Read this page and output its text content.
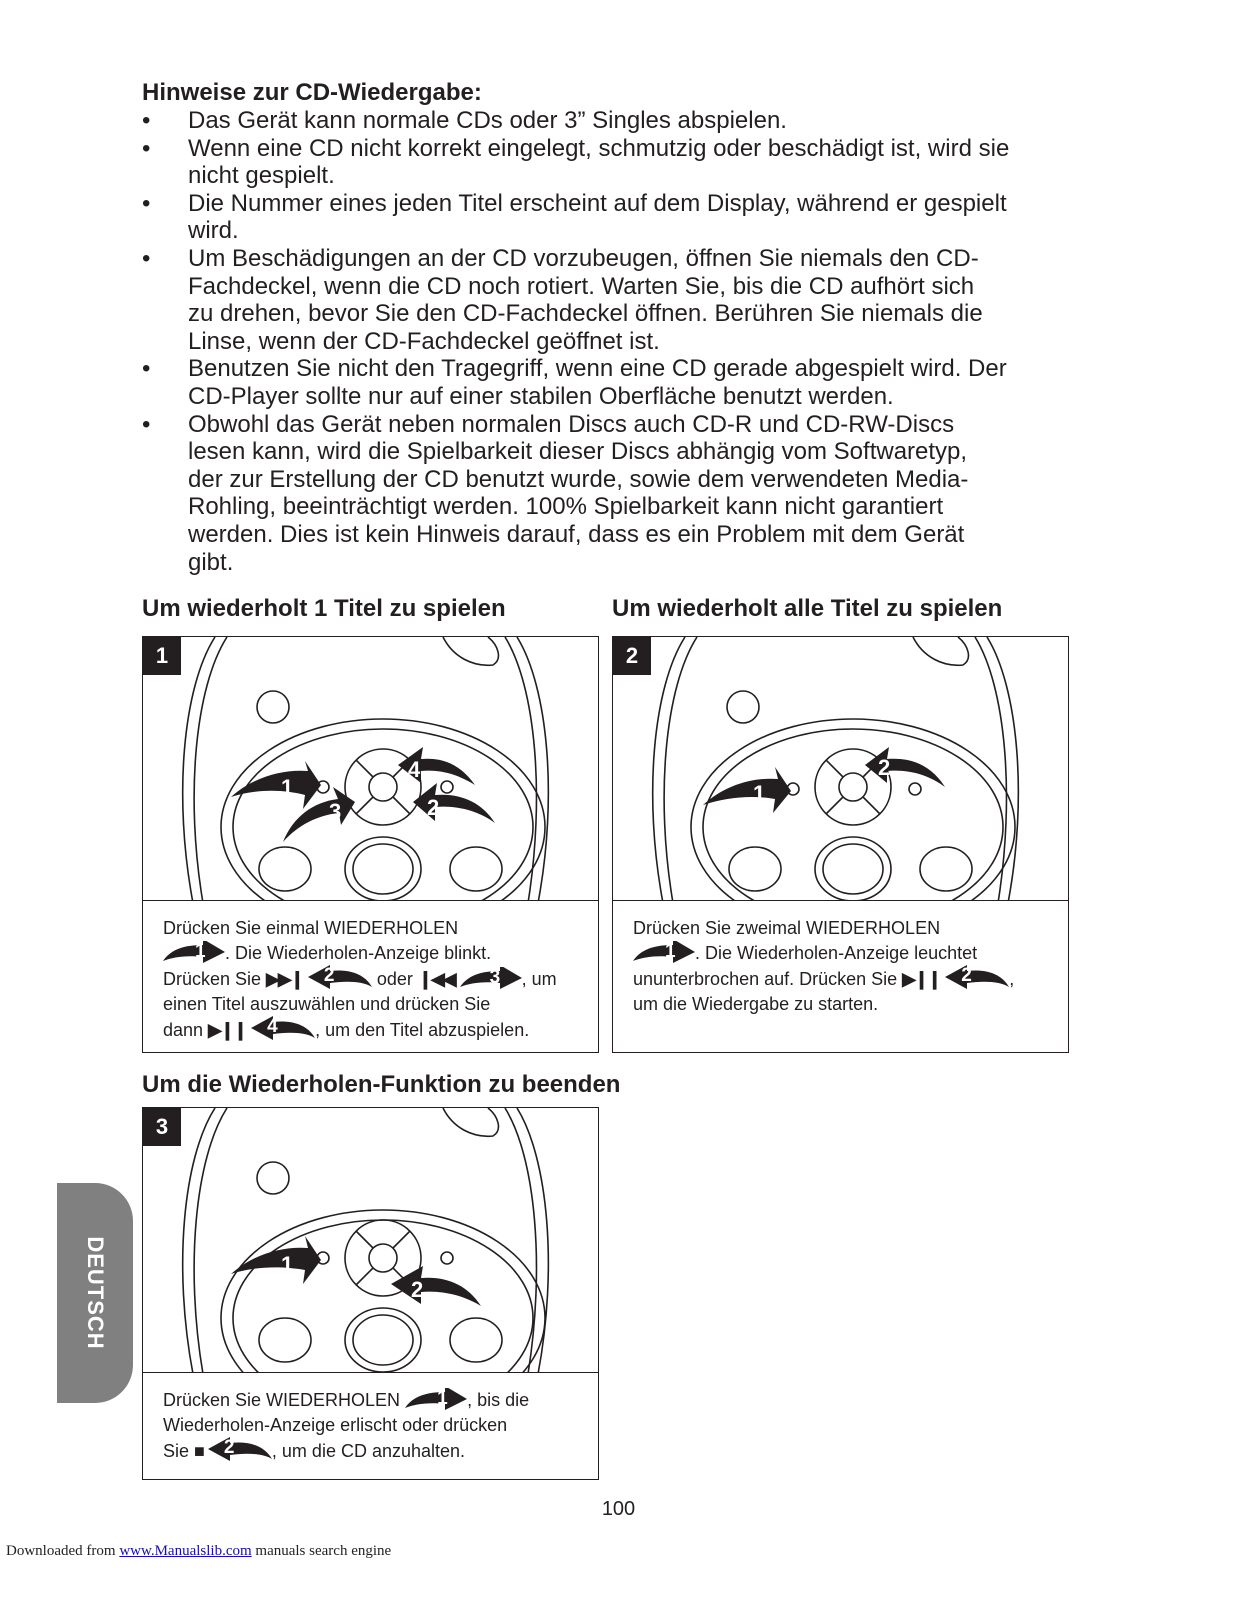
Hinweise zur CD-Wiedergabe:
• Das Gerät kann normale CDs oder 3” Singles abspielen.
• Wenn eine CD nicht korrekt eingelegt, schmutzig oder beschädigt ist, wird sie
nicht gespielt.
• Die Nummer eines jeden Titel erscheint auf dem Display, während er gespielt
wird.
• Um Beschädigungen an der CD vorzubeugen, öffnen Sie niemals den CD-
Fachdeckel, wenn die CD noch rotiert. Warten Sie, bis die CD aufhört sich
zu drehen, bevor Sie den CD-Fachdeckel öffnen. Berühren Sie niemals die
Linse, wenn der CD-Fachdeckel geöffnet ist.
• Benutzen Sie nicht den Tragegriff, wenn eine CD gerade abgespielt wird. Der
CD-Player sollte nur auf einer stabilen Oberfläche benutzt werden.
• Obwohl das Gerät neben normalen Discs auch CD-R und CD-RW-Discs
lesen kann, wird die Spielbarkeit dieser Discs abhängig vom Softwaretyp,
der zur Erstellung der CD benutzt wurde, sowie dem verwendeten Media-
Rohling, beeinträchtigt werden. 100% Spielbarkeit kann nicht garantiert
werden. Dies ist kein Hinweis darauf, dass es ein Problem mit dem Gerät
gibt.
Um wiederholt 1 Titel zu spielen	Um wiederholt alle Titel zu spielen
1
3
4
2
1
Drücken Sie einmal WIEDERHOLEN

1 . Die Wiederholen-Anzeige blinkt.
Drücken Sie ▶▶❙ 2 oder ❙◀◀ 3 , um
einen Titel auszuwählen und drücken Sie
dann ▶❙❙ 4 , um den Titel abzuspielen.
1
2
2
Drücken Sie zweimal WIEDERHOLEN

1 . Die Wiederholen-Anzeige leuchtet
ununterbrochen auf. Drücken Sie ▶❙❙ 2 ,
um die Wiedergabe zu starten.
Um die Wiederholen-Funktion zu beenden
1
2
3
Drücken Sie WIEDERHOLEN 1 , bis die
Wiederholen-Anzeige erlischt oder drücken
Sie ■ 2 , um die CD anzuhalten.
DEUTSCH
100
Downloaded from www.Manualslib.com manuals search engine
